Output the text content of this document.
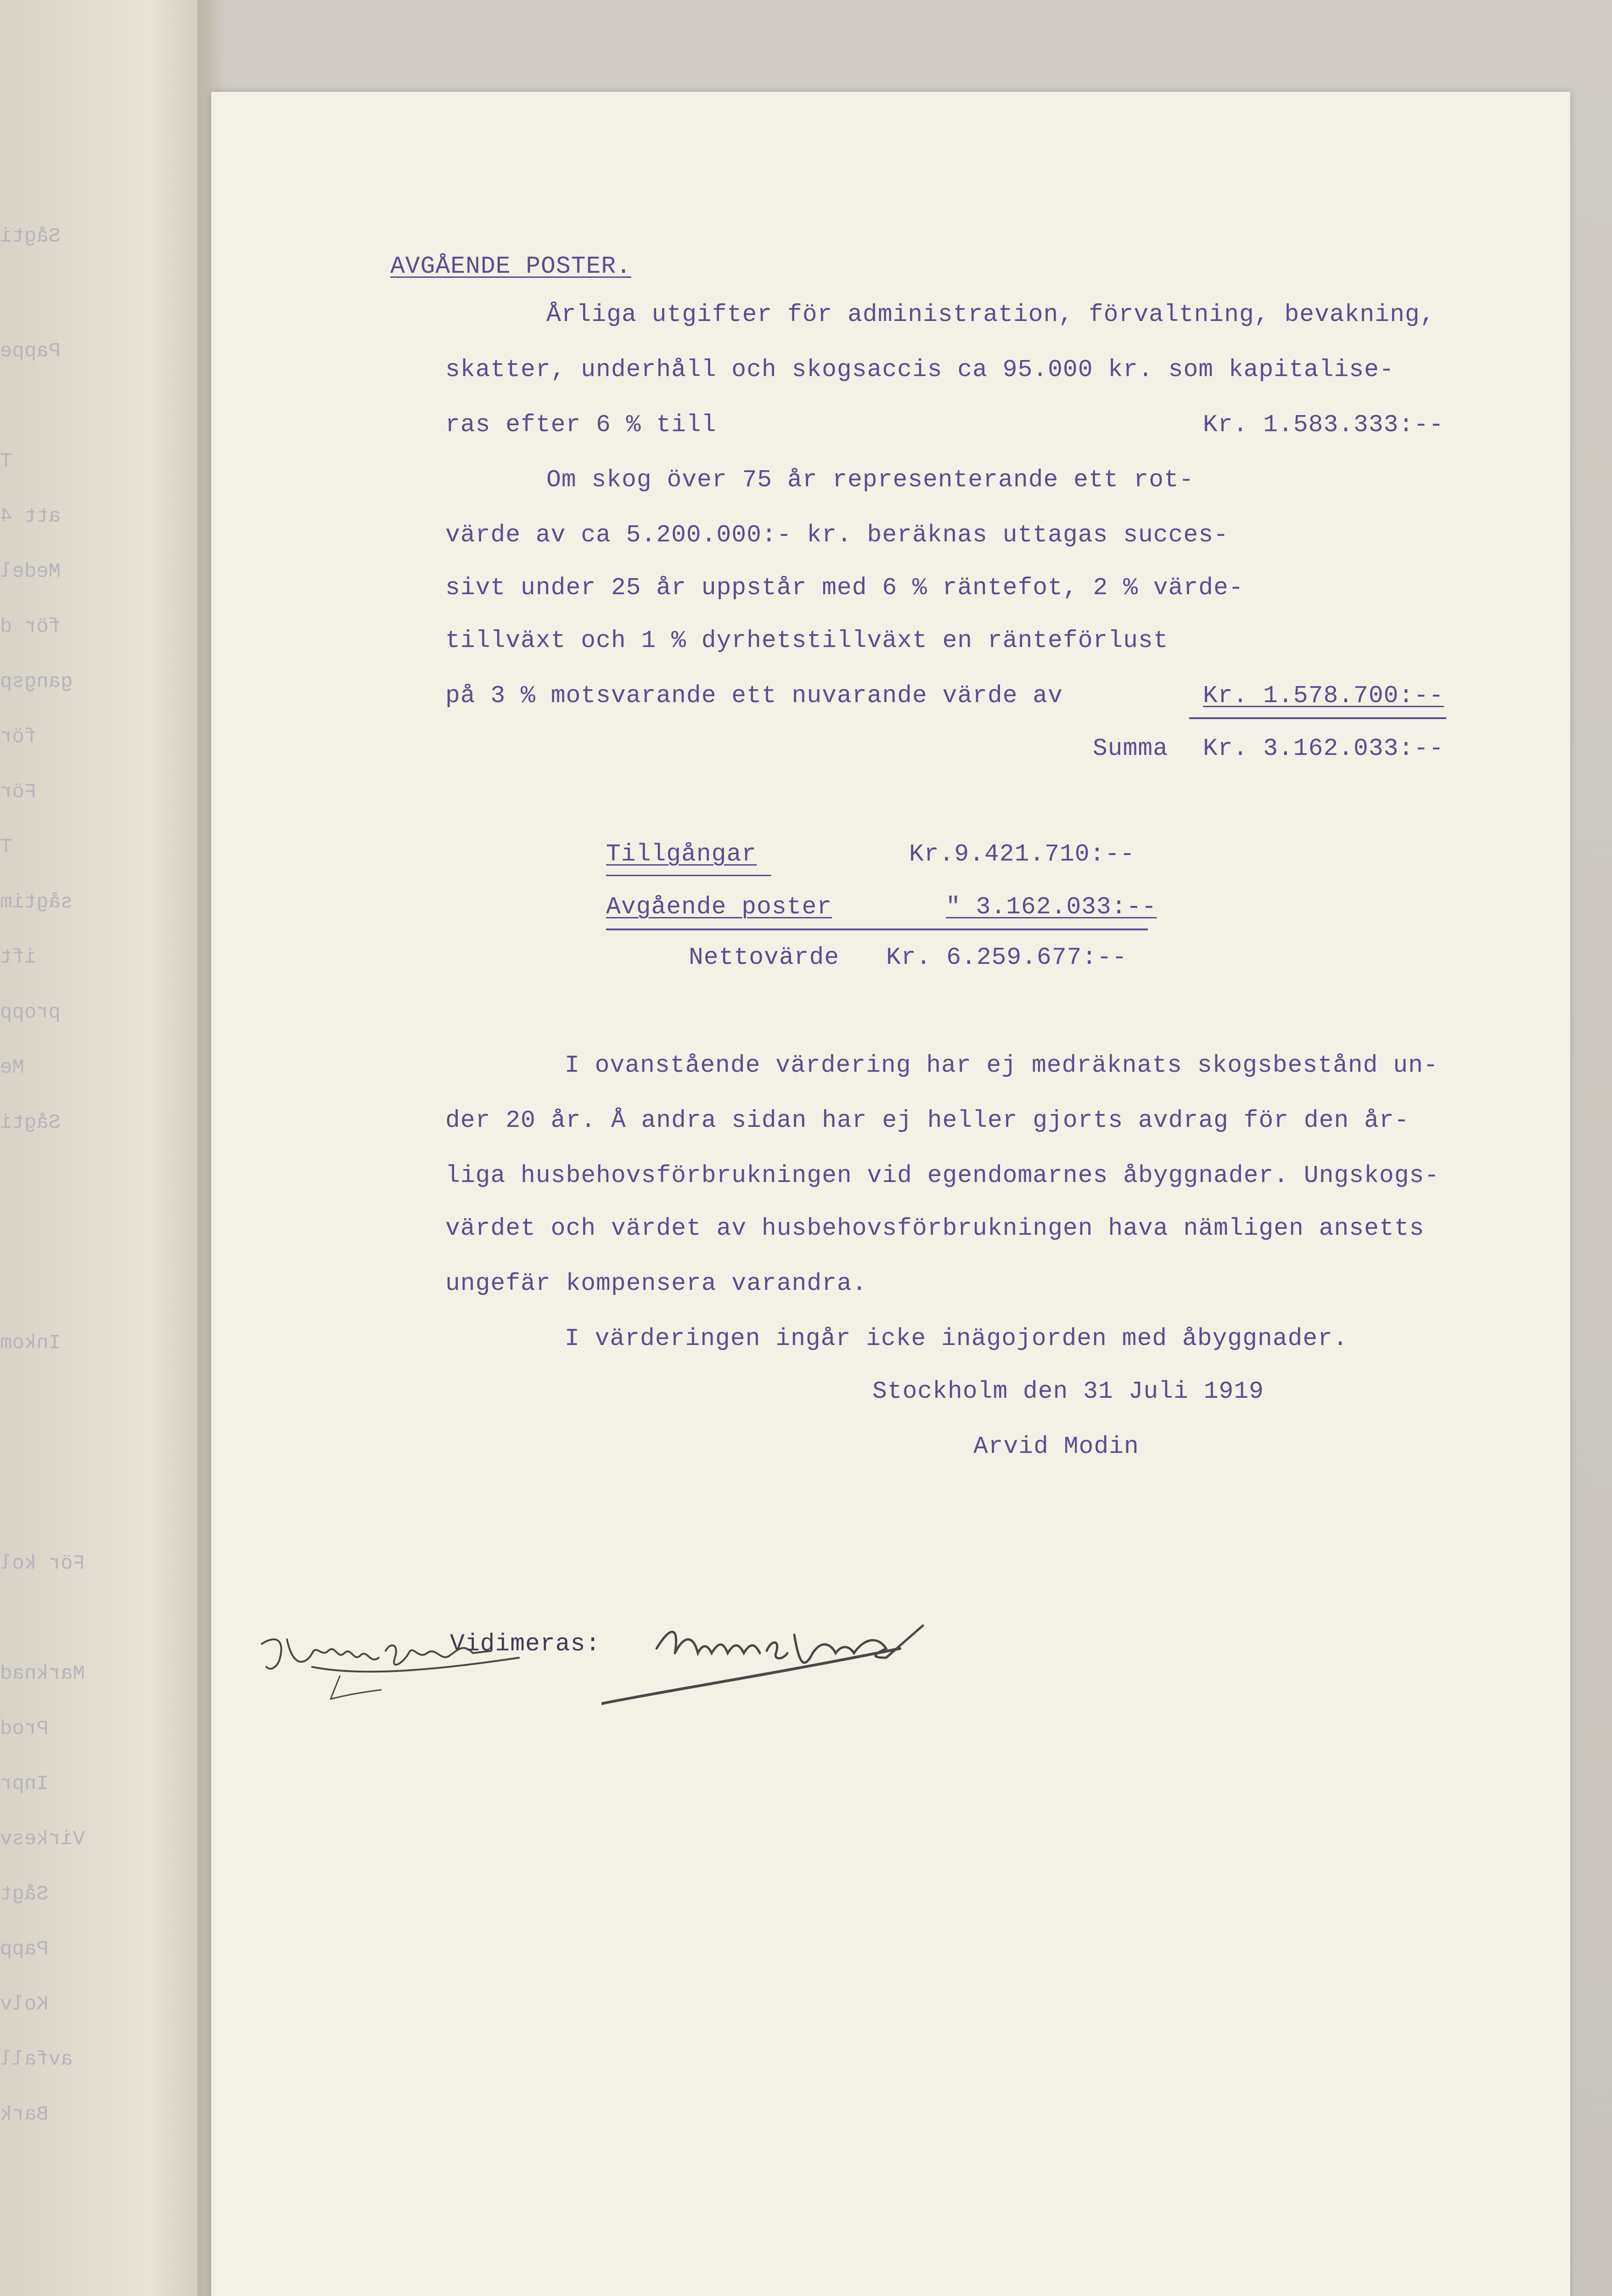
Sågti
Pappe
T
att 4
Medel
för d
gangsp
för
För
T
sågtim
ift
propp
Me
Sågti
Inkom
För kol
Marknad
Prod
Inpr
Virkesv
Sågt
Papp
Kolv
avfall
Bark
AVGÅENDE POSTER.
Årliga utgifter för administration, förvaltning, bevakning,
skatter, underhåll och skogsaccis ca 95.000 kr. som kapitalise-
ras efter 6 % till	Kr. 1.583.333:--
Om skog över 75 år representerande ett rot-
värde av ca 5.200.000:- kr. beräknas uttagas succes-
sivt under 25 år uppstår med 6 % räntefot, 2 % värde-
tillväxt och 1 % dyrhetstillväxt en ränteförlust
på 3 % motsvarande ett nuvarande värde av	Kr. 1.578.700:--
Summa Kr. 3.162.033:--
Tillgångar	Kr.9.421.710:--
Avgående poster	" 3.162.033:--
Nettovärde Kr. 6.259.677:--
I ovanstående värdering har ej medräknats skogsbestånd un-
der 20 år. Å andra sidan har ej heller gjorts avdrag för den år-
liga husbehovsförbrukningen vid egendomarnes åbyggnader. Ungskogs-
värdet och värdet av husbehovsförbrukningen hava nämligen ansetts
ungefär kompensera varandra.
I värderingen ingår icke inägojorden med åbyggnader.
Stockholm den 31 Juli 1919
Arvid Modin
Vidimeras:
